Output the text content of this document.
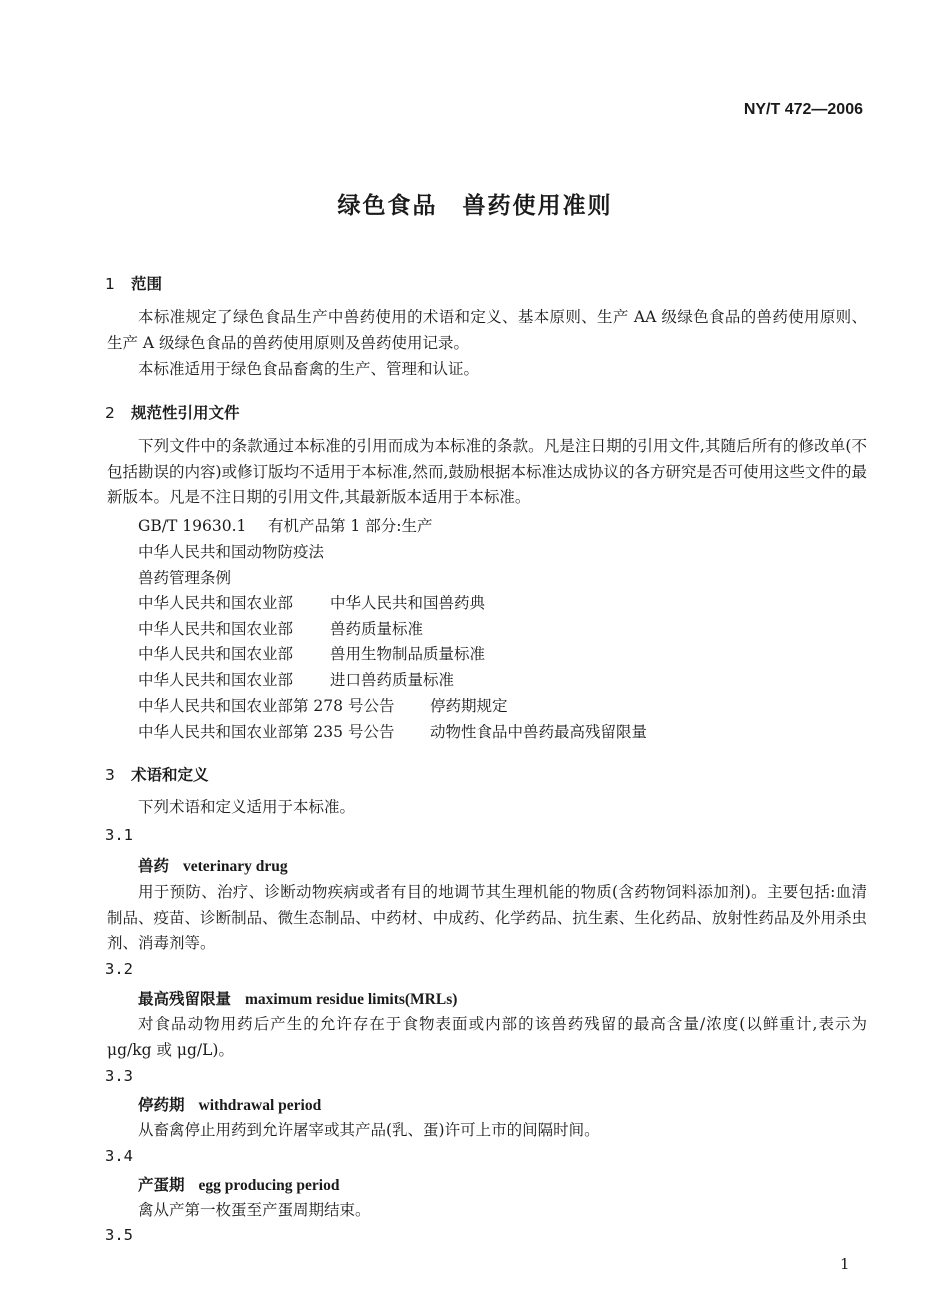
NY/T 472—2006
绿色食品　兽药使用准则
1 范围
本标准规定了绿色食品生产中兽药使用的术语和定义、基本原则、生产 AA 级绿色食品的兽药使用原则、生产 A 级绿色食品的兽药使用原则及兽药使用记录。
本标准适用于绿色食品畜禽的生产、管理和认证。
2 规范性引用文件
下列文件中的条款通过本标准的引用而成为本标准的条款。凡是注日期的引用文件,其随后所有的修改单(不包括勘误的内容)或修订版均不适用于本标准,然而,鼓励根据本标准达成协议的各方研究是否可使用这些文件的最新版本。凡是不注日期的引用文件,其最新版本适用于本标准。
GB/T 19630.1 有机产品第 1 部分:生产
中华人民共和国动物防疫法
兽药管理条例
中华人民共和国农业部 中华人民共和国兽药典
中华人民共和国农业部 兽药质量标准
中华人民共和国农业部 兽用生物制品质量标准
中华人民共和国农业部 进口兽药质量标准
中华人民共和国农业部第 278 号公告 停药期规定
中华人民共和国农业部第 235 号公告 动物性食品中兽药最高残留限量
3 术语和定义
下列术语和定义适用于本标准。
3.1
兽药 veterinary drug
用于预防、治疗、诊断动物疾病或者有目的地调节其生理机能的物质(含药物饲料添加剂)。主要包括:血清制品、疫苗、诊断制品、微生态制品、中药材、中成药、化学药品、抗生素、生化药品、放射性药品及外用杀虫剂、消毒剂等。
3.2
最高残留限量 maximum residue limits(MRLs)
对食品动物用药后产生的允许存在于食物表面或内部的该兽药残留的最高含量/浓度(以鲜重计,表示为 μg/kg 或 μg/L)。
3.3
停药期 withdrawal period
从畜禽停止用药到允许屠宰或其产品(乳、蛋)许可上市的间隔时间。
3.4
产蛋期 egg producing period
禽从产第一枚蛋至产蛋周期结束。
3.5
1
